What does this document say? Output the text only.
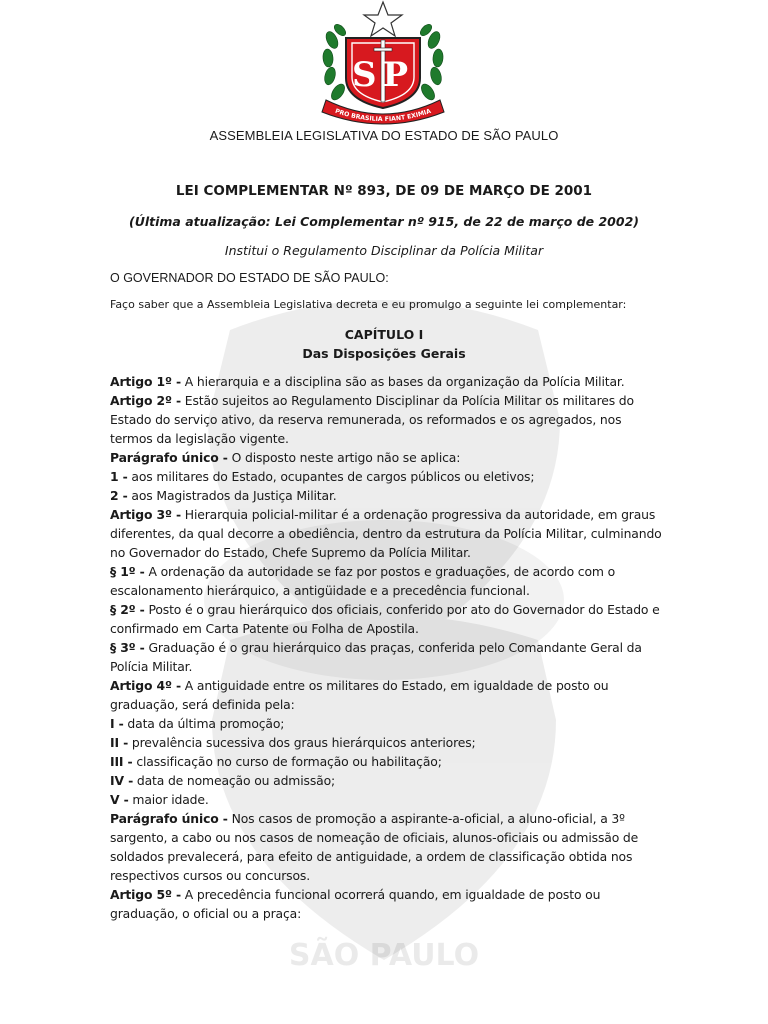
SÃO PAULO
SP
PRO BRASILIA FIANT EXIMIA
ASSEMBLEIA LEGISLATIVA DO ESTADO DE SÃO PAULO
LEI COMPLEMENTAR Nº 893, DE 09 DE MARÇO DE 2001
(Última atualização: Lei Complementar nº 915, de 22 de março de 2002)
Institui o Regulamento Disciplinar da Polícia Militar
O GOVERNADOR DO ESTADO DE SÃO PAULO:
Faço saber que a Assembleia Legislativa decreta e eu promulgo a seguinte lei complementar:
CAPÍTULO I
Das Disposições Gerais

Artigo 1º - A hierarquia e a disciplina são as bases da organização da Polícia Militar.

Artigo 2º - Estão sujeitos ao Regulamento Disciplinar da Polícia Militar os militares do Estado do serviço ativo, da reserva remunerada, os reformados e os agregados, nos termos da legislação vigente.

Parágrafo único - O disposto neste artigo não se aplica:

1 - aos militares do Estado, ocupantes de cargos públicos ou eletivos;

2 - aos Magistrados da Justiça Militar.

Artigo 3º - Hierarquia policial-militar é a ordenação progressiva da autoridade, em graus diferentes, da qual decorre a obediência, dentro da estrutura da Polícia Militar, culminando no Governador do Estado, Chefe Supremo da Polícia Militar.

§ 1º - A ordenação da autoridade se faz por postos e graduações, de acordo com o escalonamento hierárquico, a antigüidade e a precedência funcional.

§ 2º - Posto é o grau hierárquico dos oficiais, conferido por ato do Governador do Estado e confirmado em Carta Patente ou Folha de Apostila.

§ 3º - Graduação é o grau hierárquico das praças, conferida pelo Comandante Geral da Polícia Militar.

Artigo 4º - A antiguidade entre os militares do Estado, em igualdade de posto ou graduação, será definida pela:

I - data da última promoção;

II - prevalência sucessiva dos graus hierárquicos anteriores;

III - classificação no curso de formação ou habilitação;

IV - data de nomeação ou admissão;

V - maior idade.

Parágrafo único - Nos casos de promoção a aspirante-a-oficial, a aluno-oficial, a 3º sargento, a cabo ou nos casos de nomeação de oficiais, alunos-oficiais ou admissão de soldados prevalecerá, para efeito de antiguidade, a ordem de classificação obtida nos respectivos cursos ou concursos.

Artigo 5º - A precedência funcional ocorrerá quando, em igualdade de posto ou graduação, o oficial ou a praça:
